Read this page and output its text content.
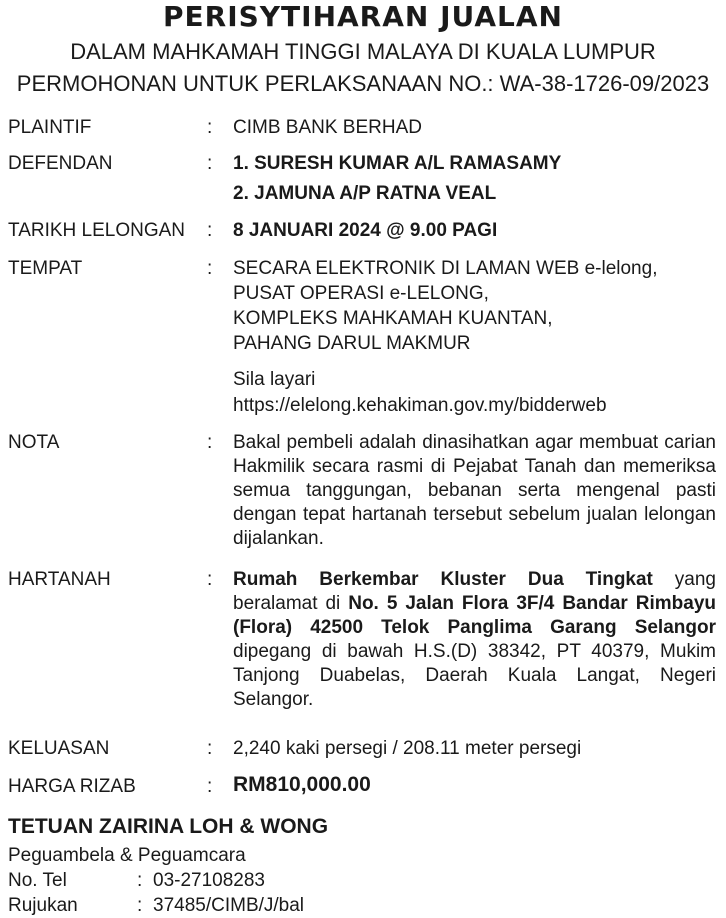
PERISYTIHARAN JUALAN
DALAM MAHKAMAH TINGGI MALAYA DI KUALA LUMPUR
PERMOHONAN UNTUK PERLAKSANAAN NO.: WA-38-1726-09/2023
PLAINTIF	: CIMB BANK BERHAD
DEFENDAN	: 1. SURESH KUMAR A/L RAMASAMY
2. JAMUNA A/P RATNA VEAL
TARIKH LELONGAN : 8 JANUARI 2024 @ 9.00 PAGI
TEMPAT	: SECARA ELEKTRONIK DI LAMAN WEB e-lelong,
PUSAT OPERASI e-LELONG,
KOMPLEKS MAHKAMAH KUANTAN,
PAHANG DARUL MAKMUR
Sila layari
https://elelong.kehakiman.gov.my/bidderweb
NOTA	: Bakal pembeli adalah dinasihatkan agar membuat carian Hakmilik secara rasmi di Pejabat Tanah dan memeriksa semua tanggungan, bebanan serta mengenal pasti dengan tepat hartanah tersebut sebelum jualan lelongan dijalankan.
HARTANAH	: Rumah Berkembar Kluster Dua Tingkat yang beralamat di No. 5 Jalan Flora 3F/4 Bandar Rimbayu (Flora) 42500 Telok Panglima Garang Selangor dipegang di bawah H.S.(D) 38342, PT 40379, Mukim Tanjong Duabelas, Daerah Kuala Langat, Negeri Selangor.
KELUASAN	: 2,240 kaki persegi / 208.11 meter persegi
HARGA RIZAB	: RM810,000.00
TETUAN ZAIRINA LOH & WONG
Peguambela & Peguamcara
No. Tel	: 03-27108283
Rujukan	: 37485/CIMB/J/bal
